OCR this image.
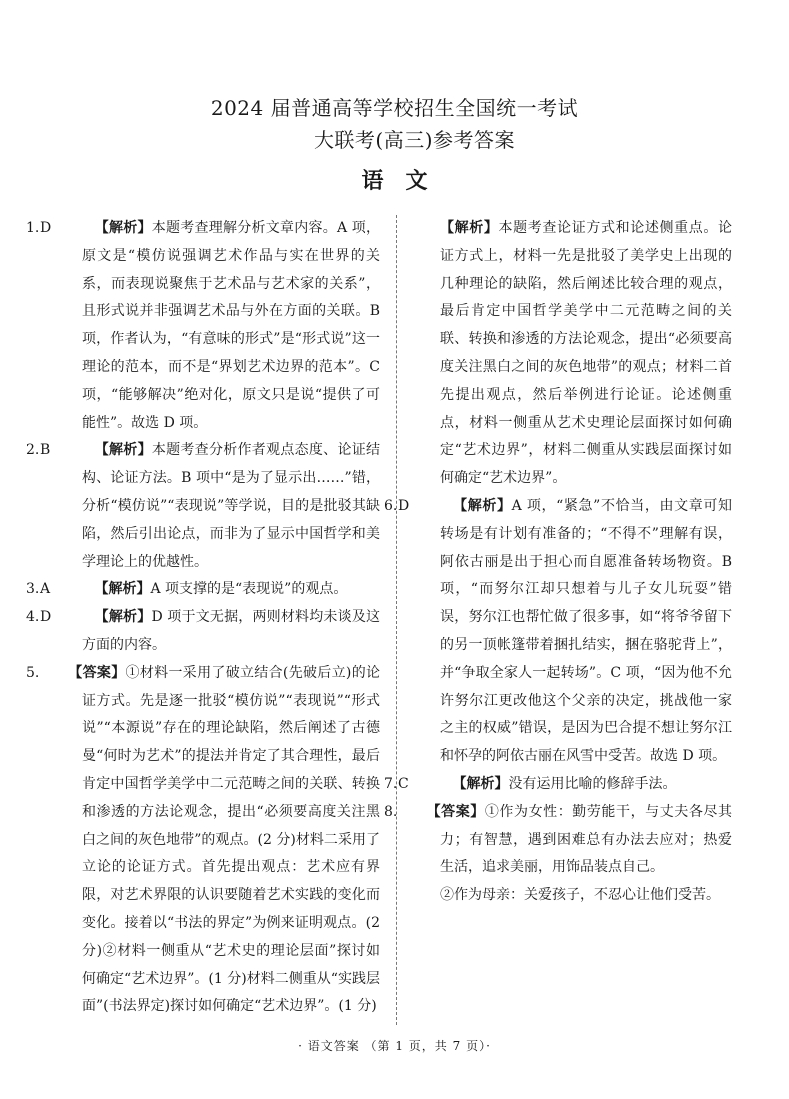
2024 届普通高等学校招生全国统一考试
大联考(高三)参考答案
语文

1.D	【解析】本题考查理解分析文章内容。A 项，原文是“模仿说强调艺术作品与实在世界的关系，而表现说聚焦于艺术品与艺术家的关系”，且形式说并非强调艺术品与外在方面的关联。B 项，作者认为，“有意味的形式”是“形式说”这一理论的范本，而不是“界划艺术边界的范本”。C 项，“能够解决”绝对化，原文只是说“提供了可能性”。故选 D 项。

2.B	【解析】本题考查分析作者观点态度、论证结构、论证方法。B 项中“是为了显示出……”错，分析“模仿说”“表现说”等学说，目的是批驳其缺陷，然后引出论点，而非为了显示中国哲学和美学理论上的优越性。

3.A	【解析】A 项支撑的是“表现说”的观点。

4.D	【解析】D 项于文无据，两则材料均未谈及这方面的内容。

5. 【答案】①材料一采用了破立结合(先破后立)的论证方式。先是逐一批驳“模仿说”“表现说”“形式说”“本源说”存在的理论缺陷，然后阐述了古德曼“何时为艺术”的提法并肯定了其合理性，最后肯定中国哲学美学中二元范畴之间的关联、转换和渗透的方法论观念，提出“必须要高度关注黑白之间的灰色地带”的观点。(2 分)材料二采用了立论的论证方式。首先提出观点：艺术应有界限，对艺术界限的认识要随着艺术实践的变化而变化。接着以“书法的界定”为例来证明观点。(2 分)②材料一侧重从“艺术史的理论层面”探讨如何确定“艺术边界”。(1 分)材料二侧重从“实践层面”(书法界定)探讨如何确定“艺术边界”。(1 分)

【解析】本题考查论证方式和论述侧重点。论证方式上，材料一先是批驳了美学史上出现的几种理论的缺陷，然后阐述比较合理的观点，最后肯定中国哲学美学中二元范畴之间的关联、转换和渗透的方法论观念，提出“必须要高度关注黑白之间的灰色地带”的观点；材料二首先提出观点，然后举例进行论证。论述侧重点，材料一侧重从艺术史理论层面探讨如何确定“艺术边界”，材料二侧重从实践层面探讨如何确定“艺术边界”。

6.D	【解析】A 项，“紧急”不恰当，由文章可知转场是有计划有准备的；“不得不”理解有误，阿依古丽是出于担心而自愿准备转场物资。B 项，“而努尔江却只想着与儿子女儿玩耍”错误，努尔江也帮忙做了很多事，如“将爷爷留下的另一顶帐篷带着捆扎结实，捆在骆驼背上”，并“争取全家人一起转场”。C 项，“因为他不允许努尔江更改他这个父亲的决定，挑战他一家之主的权威”错误，是因为巴合提不想让努尔江和怀孕的阿依古丽在风雪中受苦。故选 D 项。

7.C	【解析】没有运用比喻的修辞手法。

8. 【答案】①作为女性：勤劳能干，与丈夫各尽其力；有智慧，遇到困难总有办法去应对；热爱生活，追求美丽，用饰品装点自己。

②作为母亲：关爱孩子，不忍心让他们受苦。

· 语文答案 （第 1 页，共 7 页）·
